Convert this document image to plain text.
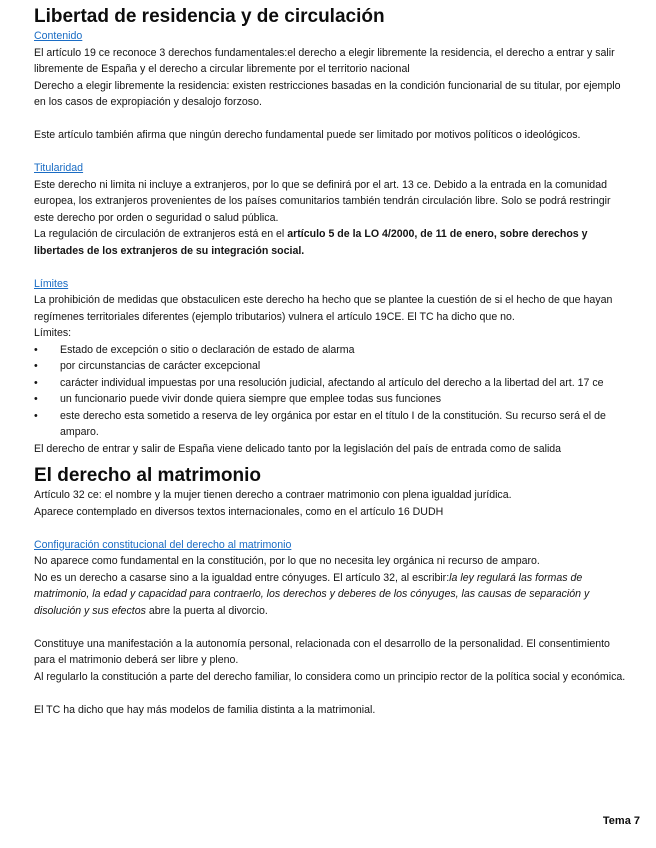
Libertad de residencia y de circulación

Contenido

El artículo 19 ce reconoce 3 derechos fundamentales:el derecho a elegir libremente la residencia, el derecho a entrar y salir libremente de España y el derecho a circular libremente por el territorio nacional

Derecho a elegir libremente la residencia: existen restricciones basadas en la condición funcionarial de su titular, por ejemplo en los casos de expropiación y desalojo forzoso.

Este artículo también afirma que ningún derecho fundamental puede ser limitado por motivos políticos o ideológicos.

Titularidad

Este derecho ni limita ni incluye a extranjeros, por lo que se definirá por el art. 13 ce. Debido a la entrada en la comunidad europea, los extranjeros provenientes de los países comunitarios también tendrán circulación libre. Solo se podrá restringir este derecho por orden o seguridad o salud pública.

La regulación de circulación de extranjeros está en el artículo 5 de la LO 4/2000, de 11 de enero, sobre derechos y libertades de los extranjeros de su integración social.

Límites

La prohibición de medidas que obstaculicen este derecho ha hecho que se plantee la cuestión de si el hecho de que hayan regímenes territoriales diferentes (ejemplo tributarios) vulnera el artículo 19CE. El TC ha dicho que no.

Límites:

• Estado de excepción o sitio o declaración de estado de alarma
• por circunstancias de carácter excepcional
• carácter individual impuestas por una resolución judicial, afectando al artículo del derecho a la libertad del art. 17 ce
• un funcionario puede vivir donde quiera siempre que emplee todas sus funciones
• este derecho esta sometido a reserva de ley orgánica por estar en el título I de la constitución. Su recurso será el de amparo.

El derecho de entrar y salir de España viene delicado tanto por la legislación del país de entrada como de salida

El derecho al matrimonio

Artículo 32 ce: el nombre y la mujer tienen derecho a contraer matrimonio con plena igualdad jurídica.

Aparece contemplado en diversos textos internacionales, como en el artículo 16 DUDH

Configuración constitucional del derecho al matrimonio

No aparece como fundamental en la constitución, por lo que no necesita ley orgánica ni recurso de amparo.

No es un derecho a casarse sino a la igualdad entre cónyuges. El artículo 32, al escribir:la ley regulará las formas de matrimonio, la edad y capacidad para contraerlo, los derechos y deberes de los cónyuges, las causas de separación y disolución y sus efectos abre la puerta al divorcio.

Constituye una manifestación a la autonomía personal, relacionada con el desarrollo de la personalidad. El consentimiento para el matrimonio deberá ser libre y pleno.

Al regularlo la constitución a parte del derecho familiar, lo considera como un principio rector de la política social y económica.

El TC ha dicho que hay más modelos de familia distinta a la matrimonial.

Tema 7
